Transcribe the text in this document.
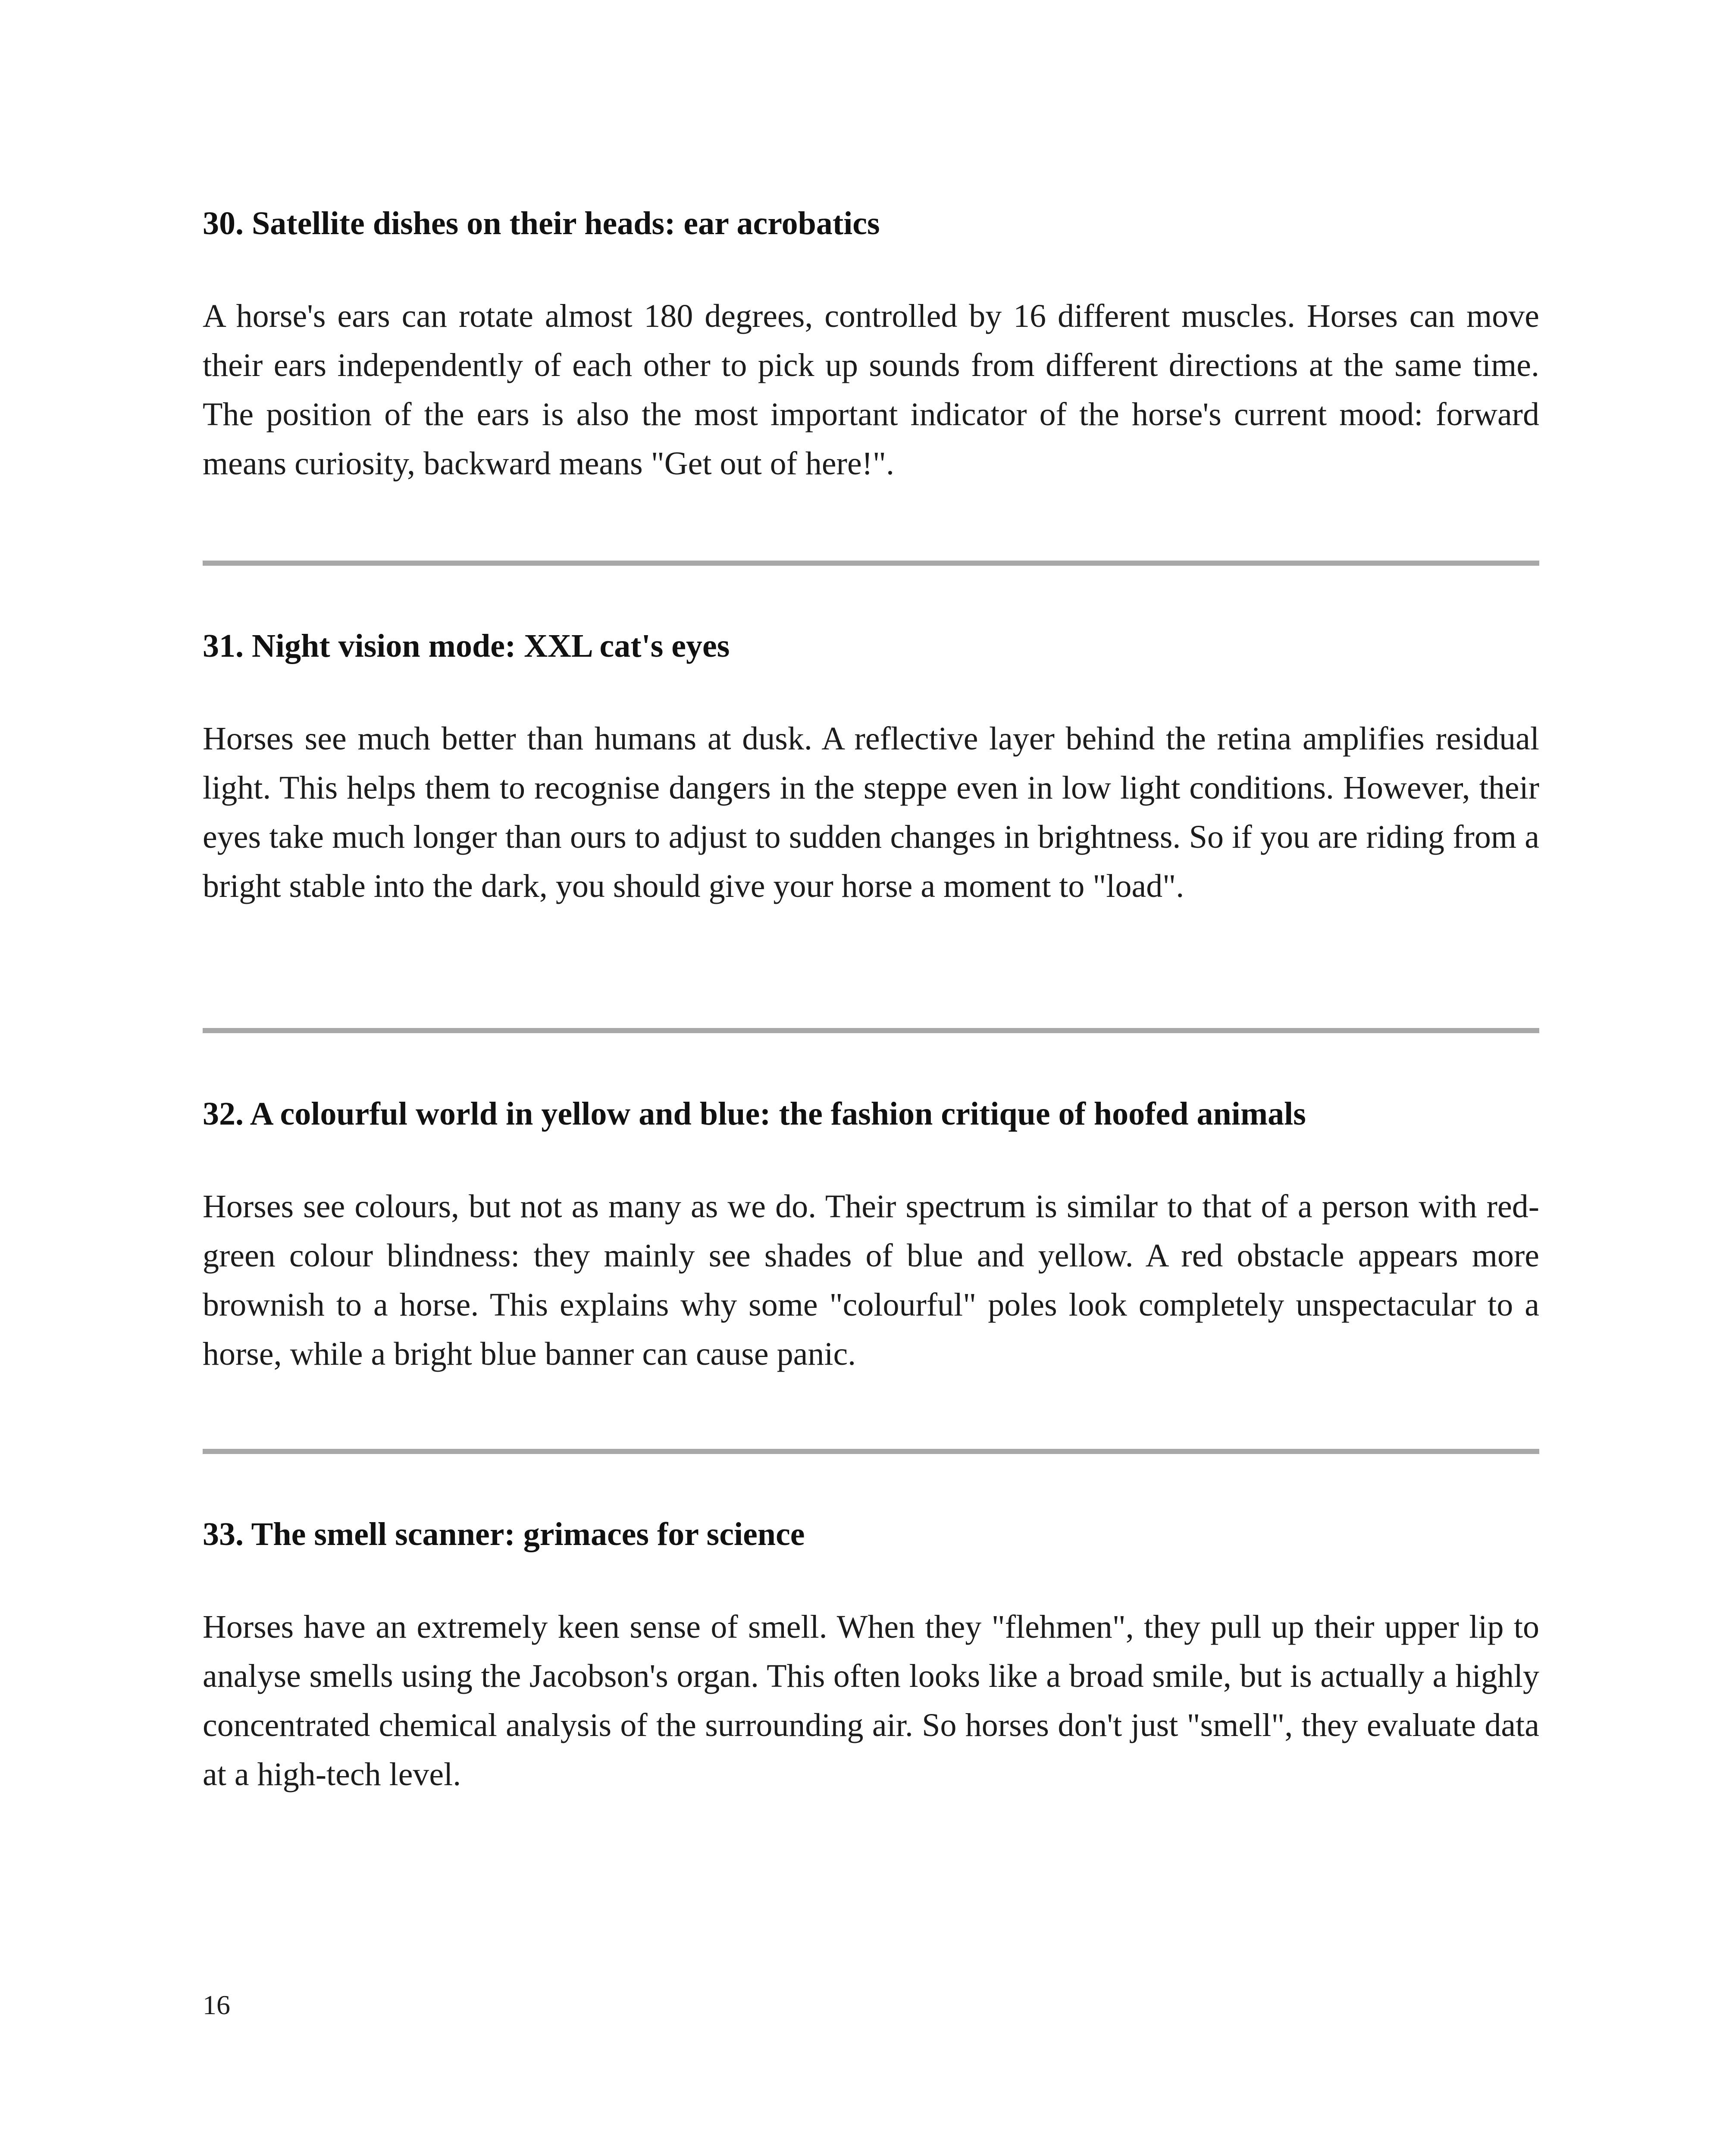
30. Satellite dishes on their heads: ear acrobatics

A horse's ears can rotate almost 180 degrees, controlled by 16 different muscles. Horses can move their ears independently of each other to pick up sounds from different directions at the same time. The position of the ears is also the most important indicator of the horse's current mood: forward means curiosity, backward means "Get out of here!".

31. Night vision mode: XXL cat's eyes

Horses see much better than humans at dusk. A reflective layer behind the retina amplifies residual light. This helps them to recognise dangers in the steppe even in low light conditions. However, their eyes take much longer than ours to adjust to sudden changes in brightness. So if you are riding from a bright stable into the dark, you should give your horse a moment to "load".

32. A colourful world in yellow and blue: the fashion critique of hoofed animals

Horses see colours, but not as many as we do. Their spectrum is similar to that of a person with red-green colour blindness: they mainly see shades of blue and yellow. A red obstacle appears more brownish to a horse. This explains why some "colourful" poles look completely unspectacular to a horse, while a bright blue banner can cause panic.

33. The smell scanner: grimaces for science

Horses have an extremely keen sense of smell. When they "flehmen", they pull up their upper lip to analyse smells using the Jacobson's organ. This often looks like a broad smile, but is actually a highly concentrated chemical analysis of the surrounding air. So horses don't just "smell", they evaluate data at a high-tech level.

16
